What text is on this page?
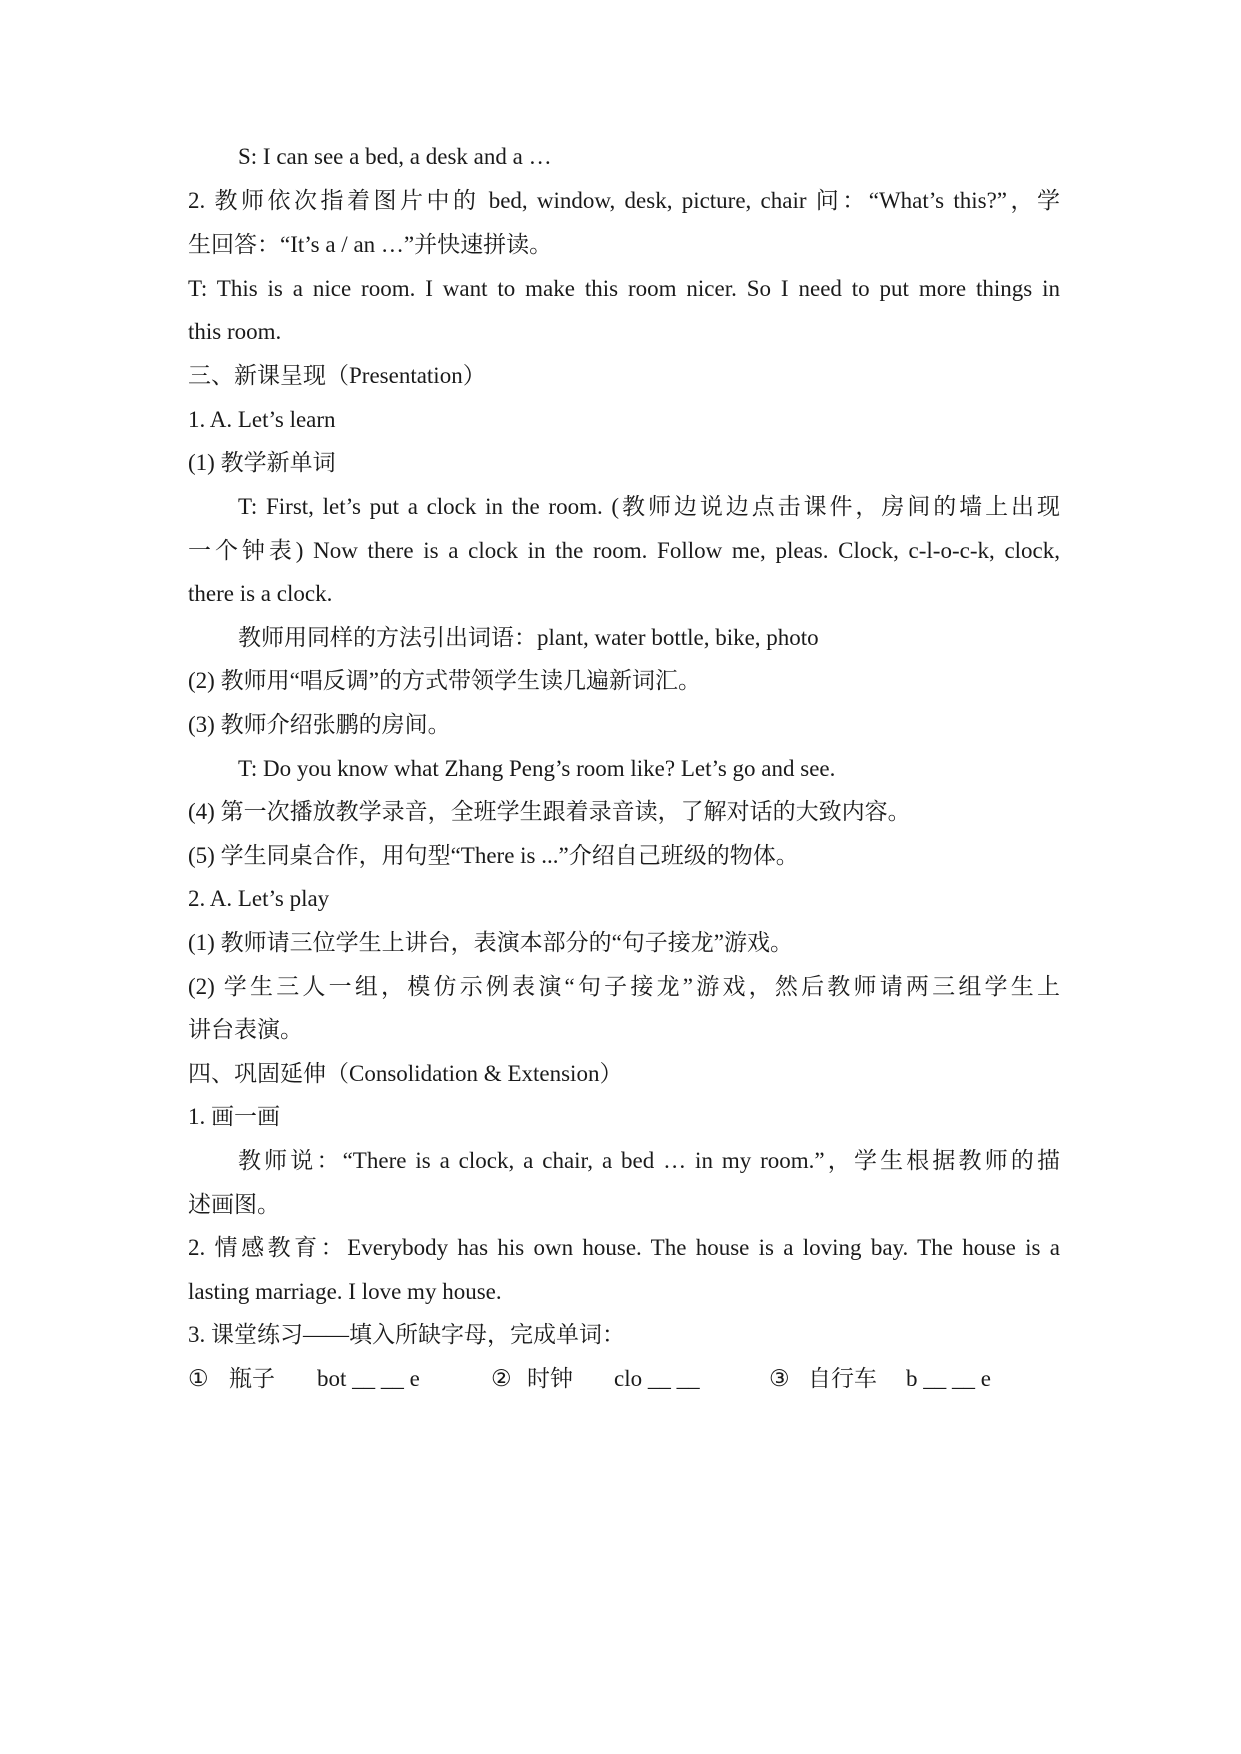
S: I can see a bed, a desk and a …
2. 教师依次指着图片中的 bed, window, desk, picture, chair 问：“What’s this?”，学
生回答：“It’s a / an …”并快速拼读。
T: This is a nice room. I want to make this room nicer. So I need to put more things in
this room.
三、新课呈现（Presentation）
1. A. Let’s learn
(1) 教学新单词
T: First, let’s put a clock in the room. (教师边说边点击课件，房间的墙上出现
一个钟表) Now there is a clock in the room. Follow me, pleas. Clock, c-l-o-c-k, clock,
there is a clock.
教师用同样的方法引出词语：plant, water bottle, bike, photo
(2) 教师用“唱反调”的方式带领学生读几遍新词汇。
(3) 教师介绍张鹏的房间。
T: Do you know what Zhang Peng’s room like? Let’s go and see.
(4) 第一次播放教学录音，全班学生跟着录音读，了解对话的大致内容。
(5) 学生同桌合作，用句型“There is ...”介绍自己班级的物体。
2. A. Let’s play
(1) 教师请三位学生上讲台，表演本部分的“句子接龙”游戏。
(2) 学生三人一组，模仿示例表演“句子接龙”游戏，然后教师请两三组学生上
讲台表演。
四、巩固延伸（Consolidation & Extension）
1. 画一画
教师说：“There is a clock, a chair, a bed … in my room.”，学生根据教师的描
述画图。
2. 情感教育：Everybody has his own house. The house is a loving bay. The house is a
lasting marriage. I love my house.
3. 课堂练习——填入所缺字母，完成单词：
① 瓶子 bot __ __ e	② 时钟 clo __ __	③ 自行车 b __ __ e
